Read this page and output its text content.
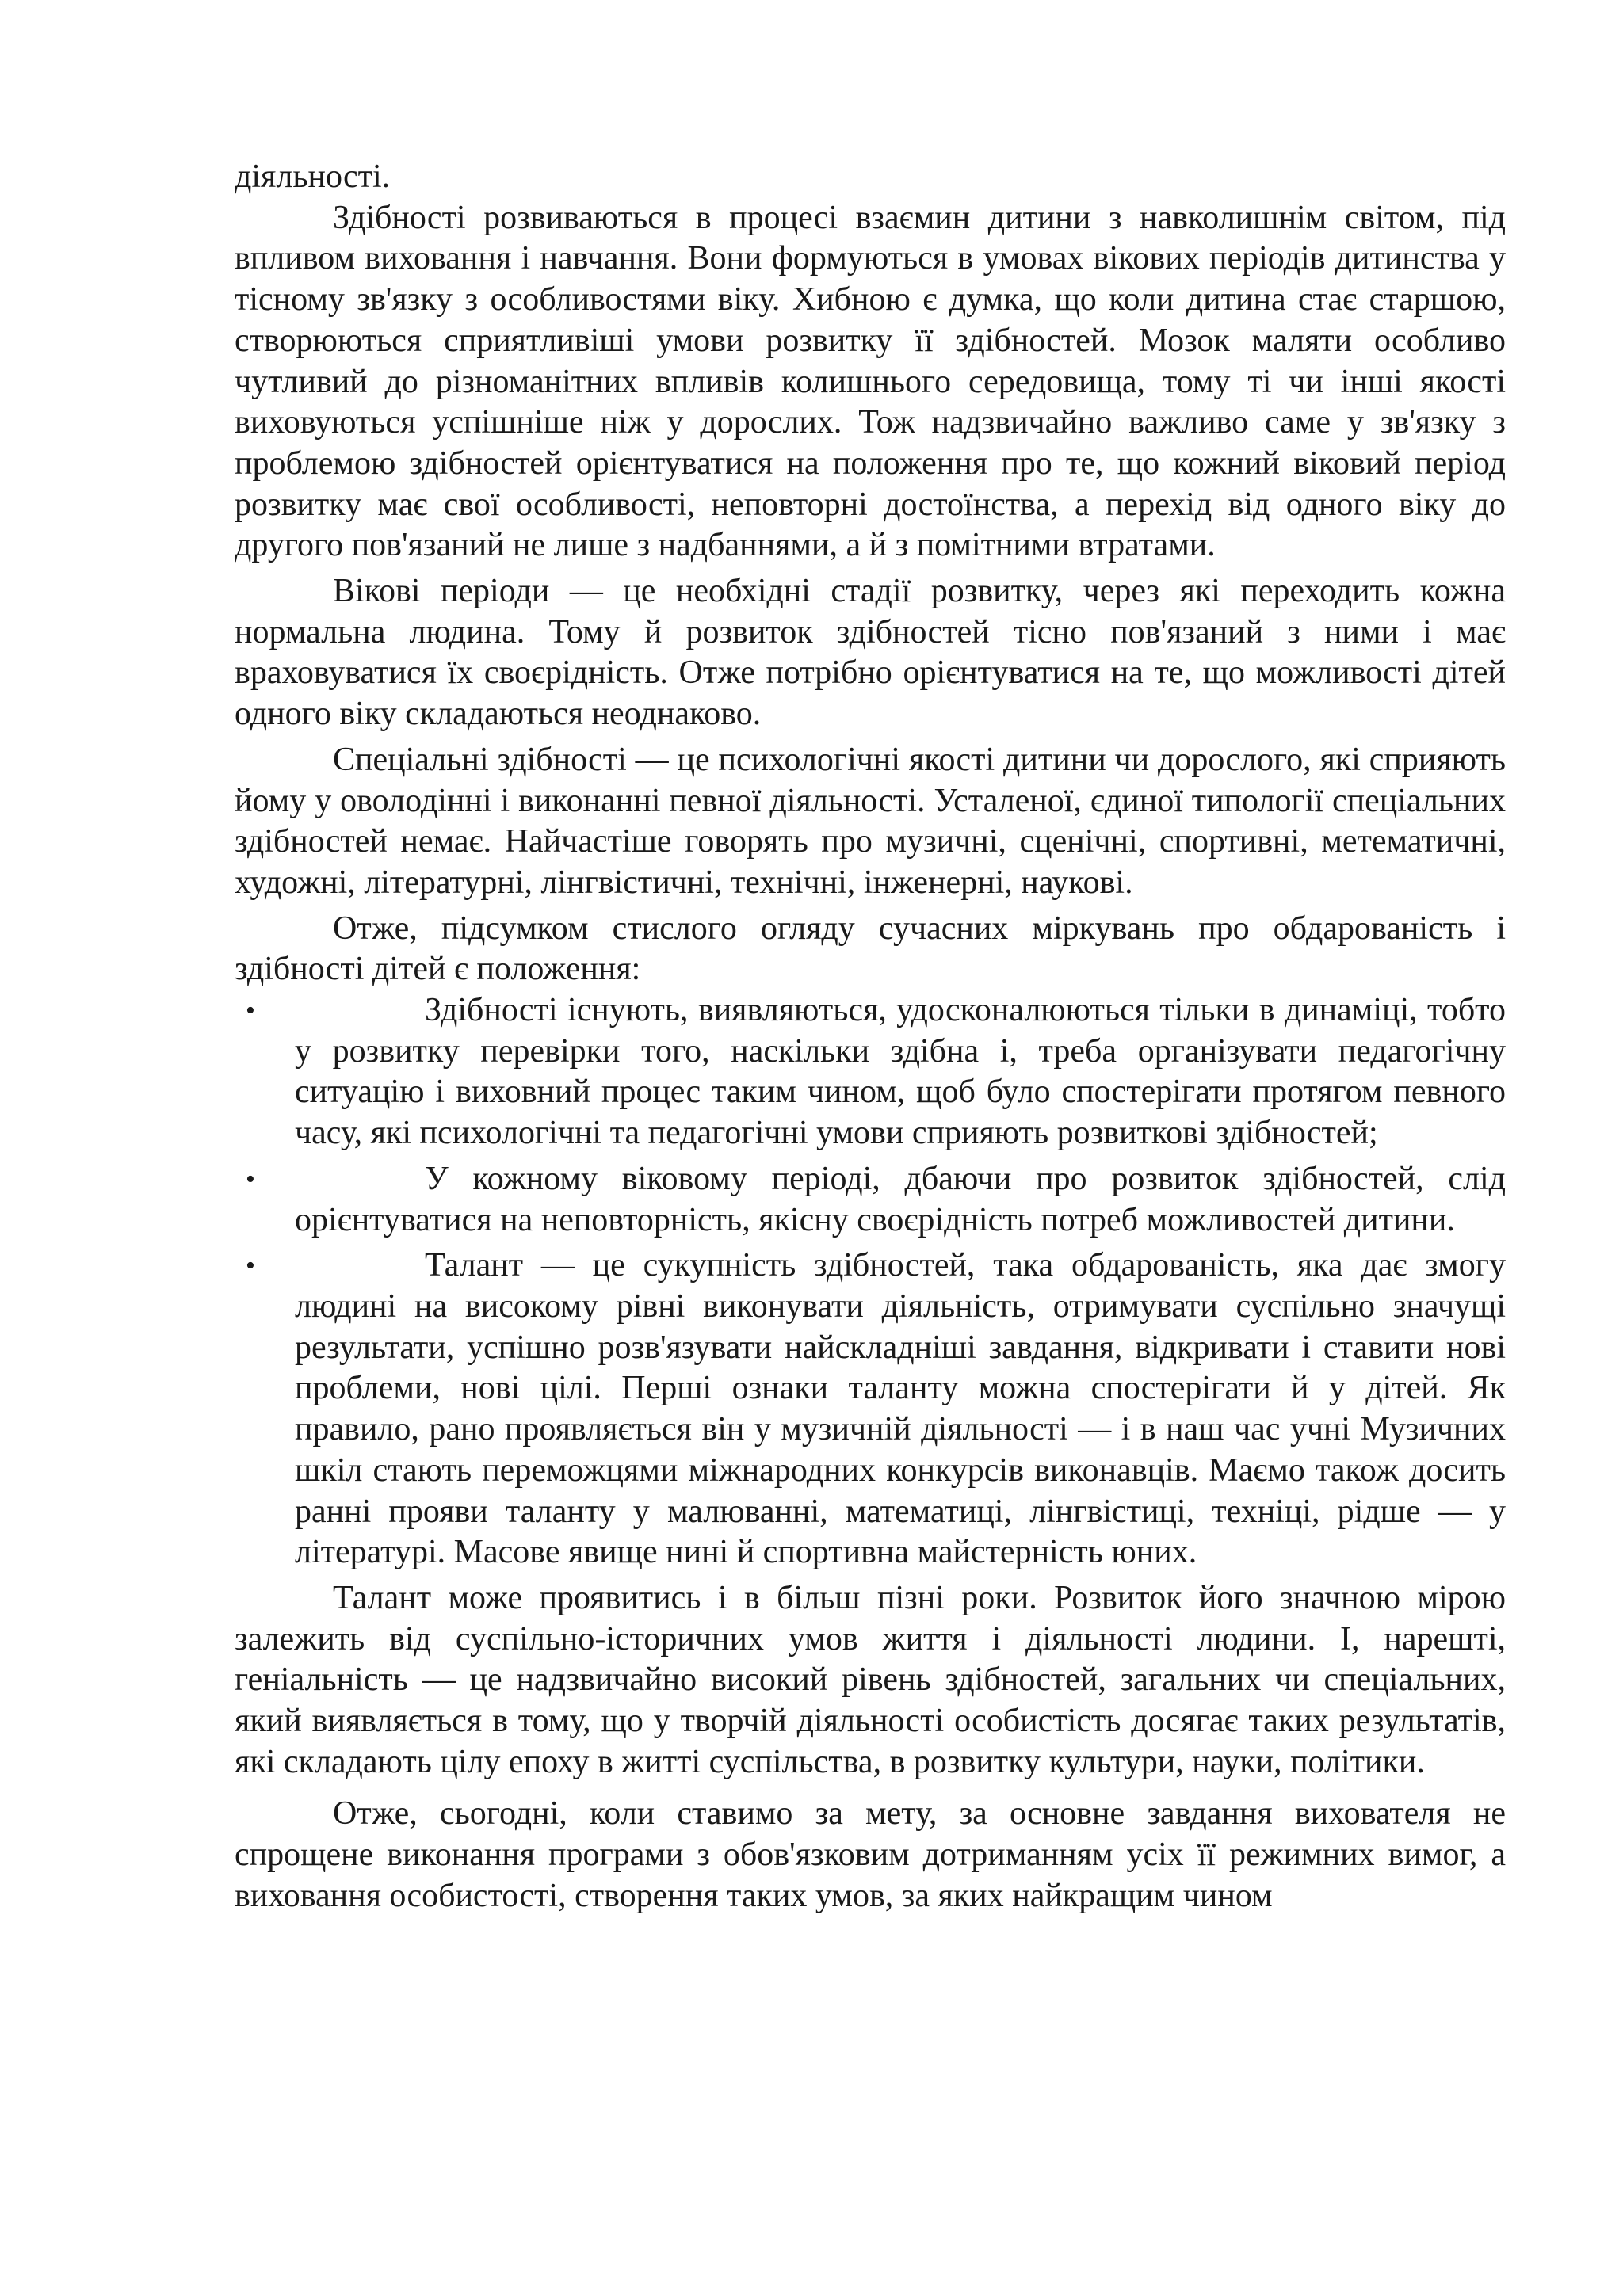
діяльності.

Здібності розвиваються в процесі взаємин дитини з навколишнім світом, під впливом виховання і навчання. Вони формуються в умовах вікових періодів дитинства у тісному зв'язку з особливостями віку. Хибною є думка, що коли дитина стає старшою, створюються сприятливіші умови розвитку її здібностей. Мозок маляти особливо чутливий до різноманітних впливів колишнього середовища, тому ті чи інші якості виховуються успішніше ніж у дорослих. Тож надзвичайно важливо саме у зв'язку з проблемою здібностей орієнтуватися на положення про те, що кожний віковий період розвитку має свої особливості, неповторні достоїнства, а перехід від одного віку до другого пов'язаний не лише з надбаннями, а й з помітними втратами.

Вікові періоди — це необхідні стадії розвитку, через які переходить кожна нормальна людина. Тому й розвиток здібностей тісно пов'язаний з ними і має враховуватися їх своєрідність. Отже потрібно орієнтуватися на те, що можливості дітей одного віку складаються неоднаково.

Спеціальні здібності — це психологічні якості дитини чи дорослого, які сприяють йому у оволодінні і виконанні певної діяльності. Усталеної, єдиної типології спеціальних здібностей немає. Найчастіше говорять про музичні, сценічні, спортивні, метематичні, художні, літературні, лінгвістичні, технічні, інженерні, наукові.

Отже, підсумком стислого огляду сучасних міркувань про обдарованість і здібності дітей є положення:

•	Здібності існують, виявляються, удосконалюються тільки в динаміці, тобто у розвитку перевірки того, наскільки здібна і, треба організувати педагогічну ситуацію і виховний процес таким чином, щоб було спостерігати протягом певного часу, які психологічні та педагогічні умови сприяють розвиткові здібностей;

•	У кожному віковому періоді, дбаючи про розвиток здібностей, слід орієнтуватися на неповторність, якісну своєрідність потреб можливостей дитини.

•	Талант — це сукупність здібностей, така обдарованість, яка дає змогу людині на високому рівні виконувати діяльність, отримувати суспільно значущі результати, успішно розв'язувати найскладніші завдання, відкривати і ставити нові проблеми, нові цілі. Перші ознаки таланту можна спостерігати й у дітей. Як правило, рано проявляється він у музичній діяльності — і в наш час учні Музичних шкіл стають переможцями міжнародних конкурсів виконавців. Маємо також досить ранні прояви таланту у малюванні, математиці, лінгвістиці, техніці, рідше — у літературі. Масове явище нині й спортивна майстерність юних.

Талант може проявитись і в більш пізні роки. Розвиток його значною мірою залежить від суспільно-історичних умов життя і діяльності людини. І, нарешті, геніальність — це надзвичайно високий рівень здібностей, загальних чи спеціальних, який виявляється в тому, що у творчій діяльності особистість досягає таких результатів, які складають цілу епоху в житті суспільства, в розвитку культури, науки, політики.

Отже, сьогодні, коли ставимо за мету, за основне завдання вихователя не спрощене виконання програми з обов'язковим дотриманням усіх її режимних вимог, а виховання особистості, створення таких умов, за яких найкращим чином
